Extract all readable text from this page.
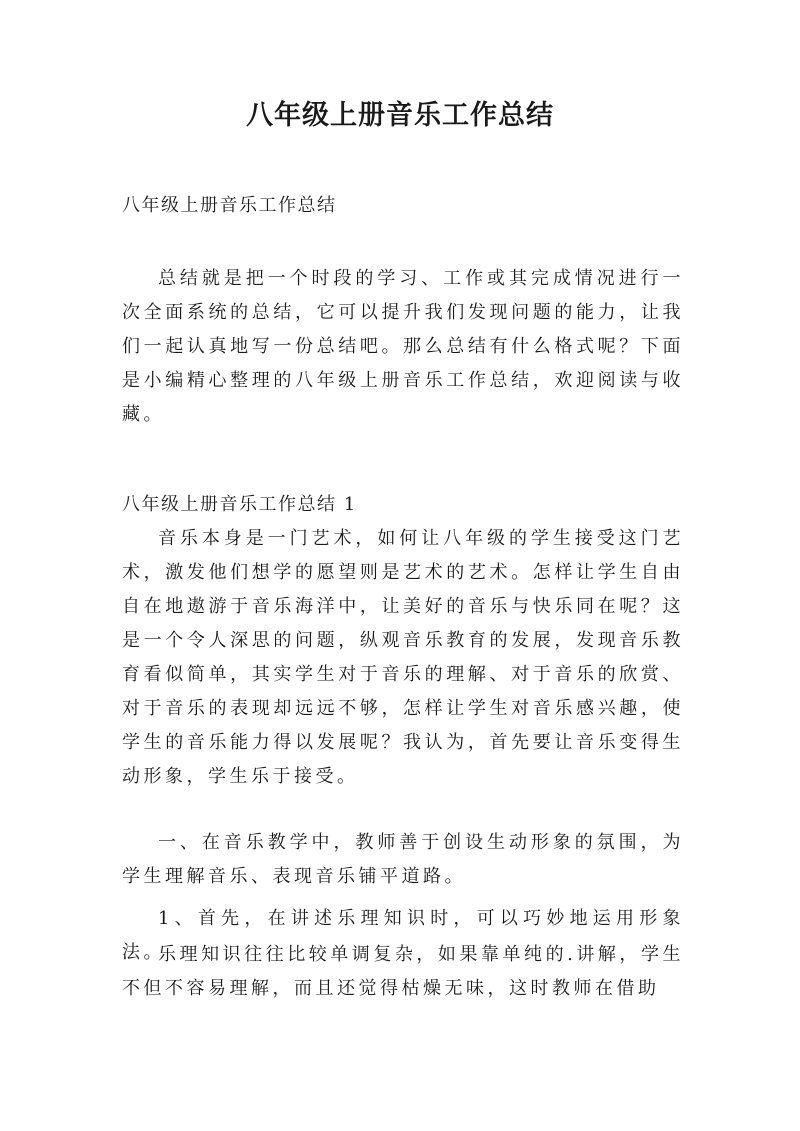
八年级上册音乐工作总结

八年级上册音乐工作总结

总结就是把一个时段的学习、工作或其完成情况进行一次全面系统的总结，它可以提升我们发现问题的能力，让我们一起认真地写一份总结吧。那么总结有什么格式呢？下面是小编精心整理的八年级上册音乐工作总结，欢迎阅读与收藏。

八年级上册音乐工作总结 1

音乐本身是一门艺术，如何让八年级的学生接受这门艺术，激发他们想学的愿望则是艺术的艺术。怎样让学生自由自在地遨游于音乐海洋中，让美好的音乐与快乐同在呢？这是一个令人深思的问题，纵观音乐教育的发展，发现音乐教育看似简单，其实学生对于音乐的理解、对于音乐的欣赏、对于音乐的表现却远远不够，怎样让学生对音乐感兴趣，使学生的音乐能力得以发展呢？我认为，首先要让音乐变得生动形象，学生乐于接受。

一、在音乐教学中，教师善于创设生动形象的氛围，为学生理解音乐、表现音乐铺平道路。

1、首先，在讲述乐理知识时，可以巧妙地运用形象法。

乐理知识往往比较单调复杂，如果靠单纯的.讲解，学生不但不容易理解，而且还觉得枯燥无味，这时教师在借助
